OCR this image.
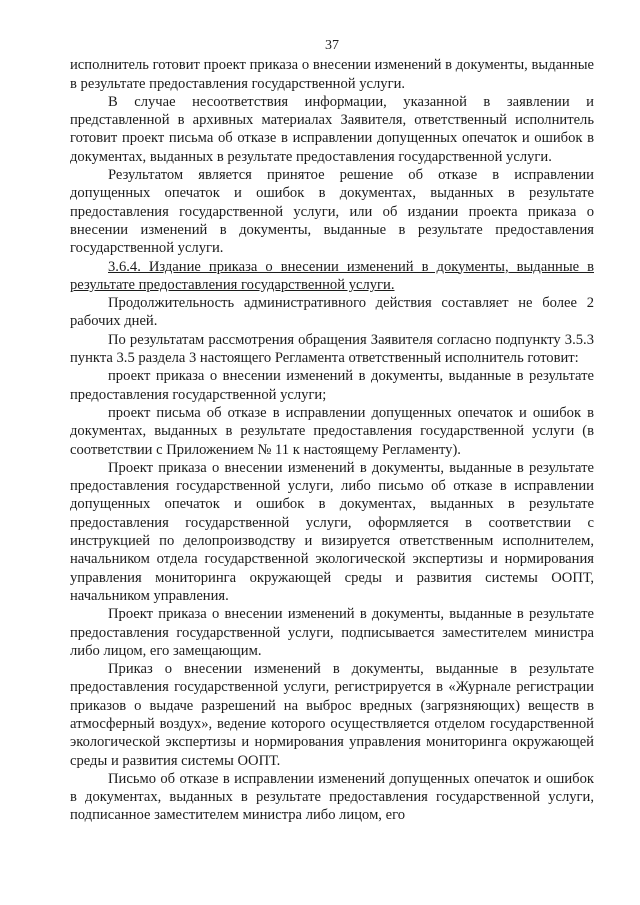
37

исполнитель готовит проект приказа о внесении изменений в документы, выданные в результате предоставления государственной услуги.

В случае несоответствия информации, указанной в заявлении и представленной в архивных материалах Заявителя, ответственный исполнитель готовит проект письма об отказе в исправлении допущенных опечаток и ошибок в документах, выданных в результате предоставления государственной услуги.

Результатом является принятое решение об отказе в исправлении допущенных опечаток и ошибок в документах, выданных в результате предоставления государственной услуги, или об издании проекта приказа о внесении изменений в документы, выданные в результате предоставления государственной услуги.

3.6.4. Издание приказа о внесении изменений в документы, выданные в результате предоставления государственной услуги.

Продолжительность административного действия составляет не более 2 рабочих дней.

По результатам рассмотрения обращения Заявителя согласно подпункту 3.5.3 пункта 3.5 раздела 3 настоящего Регламента ответственный исполнитель готовит:

проект приказа о внесении изменений в документы, выданные в результате предоставления государственной услуги;

проект письма об отказе в исправлении допущенных опечаток и ошибок в документах, выданных в результате предоставления государственной услуги (в соответствии с Приложением № 11 к настоящему Регламенту).

Проект приказа о внесении изменений в документы, выданные в результате предоставления государственной услуги, либо письмо об отказе в исправлении допущенных опечаток и ошибок в документах, выданных в результате предоставления государственной услуги, оформляется в соответствии с инструкцией по делопроизводству и визируется ответственным исполнителем, начальником отдела государственной экологической экспертизы и нормирования управления мониторинга окружающей среды и развития системы ООПТ, начальником управления.

Проект приказа о внесении изменений в документы, выданные в результате предоставления государственной услуги, подписывается заместителем министра либо лицом, его замещающим.

Приказ о внесении изменений в документы, выданные в результате предоставления государственной услуги, регистрируется в «Журнале регистрации приказов о выдаче разрешений на выброс вредных (загрязняющих) веществ в атмосферный воздух», ведение которого осуществляется отделом государственной экологической экспертизы и нормирования управления мониторинга окружающей среды и развития системы ООПТ.

Письмо об отказе в исправлении изменений допущенных опечаток и ошибок в документах, выданных в результате предоставления государственной услуги, подписанное заместителем министра либо лицом, его
